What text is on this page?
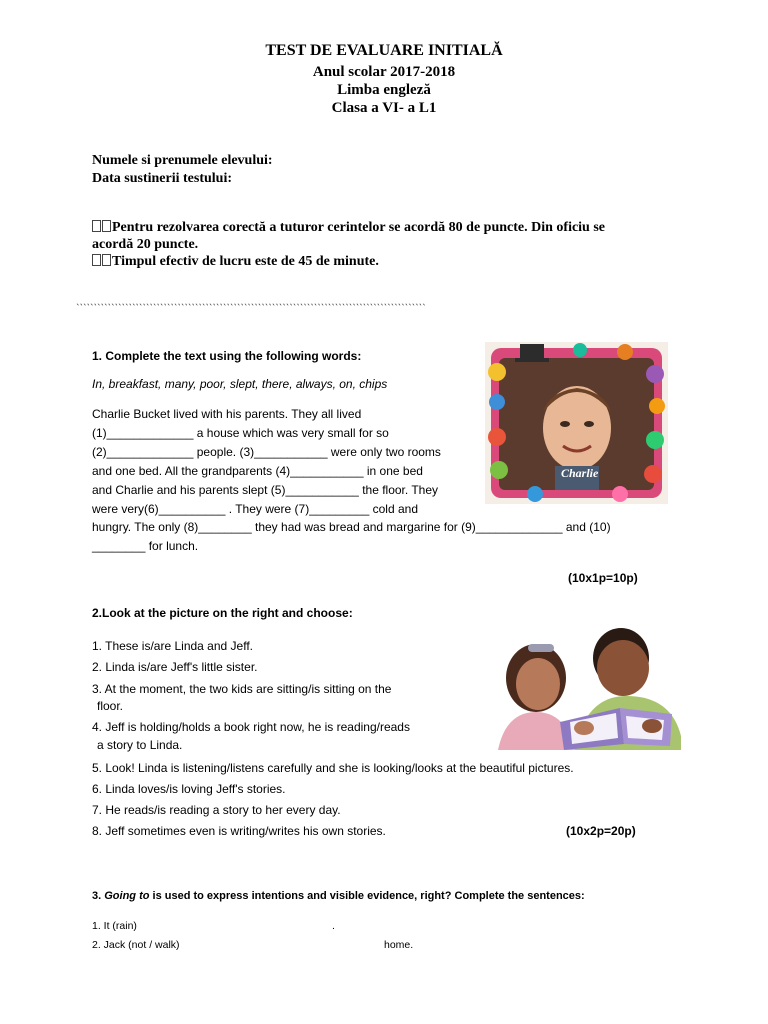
TEST DE EVALUARE INITIALĂ
Anul scolar 2017-2018
Limba engleză
Clasa a VI- a L1
Numele si prenumele elevului:
Data sustinerii testului:
Pentru rezolvarea corectă a tuturor cerintelor se acordă 80 de puncte. Din oficiu se
acordă 20 puncte.
Timpul efectiv de lucru este de 45 de minute.
ˎˎˎˎˎˎˎˎˎˎˎˎˎˎˎˎˎˎˎˎˎˎˎˎˎˎˎˎˎˎˎˎˎˎˎˎˎˎˎˎˎˎˎˎˎˎˎˎˎˎˎˎˎˎˎˎˎˎˎˎˎˎˎˎˎˎˎˎˎˎˎˎˎˎˎˎˎˎˎˎˎˎˎˎˎˎˎˎˎˎˎˎˎˎˎˎˎˎˎˎ
1. Complete the text using the following words:
In, breakfast, many, poor, slept, there, always, on, chips
Charlie Bucket lived with his parents. They all lived
(1)_____________ a house which was very small for so
(2)_____________ people. (3)___________ were only two rooms
and one bed. All the grandparents (4)___________ in one bed
and Charlie and his parents slept (5)___________ the floor. They
were very(6)__________ . They were (7)_________ cold and
hungry. The only (8)________ they had was bread and margarine for (9)_____________ and (10)
________ for lunch.
(10x1p=10p)
Charlie
2.Look at the picture on the right and choose:
1. These is/are Linda and Jeff.
2. Linda is/are Jeff's little sister.
3. At the moment, the two kids are sitting/is sitting on the
floor.
4. Jeff is holding/holds a book right now, he is reading/reads
a story to Linda.
5. Look! Linda is listening/listens carefully and she is looking/looks at the beautiful pictures.
6. Linda loves/is loving Jeff's stories.
7. He reads/is reading a story to her every day.
8. Jeff sometimes even is writing/writes his own stories.	(10x2p=20p)
3. Going to is used to express intentions and visible evidence, right? Complete the sentences:
1. It (rain)	.
2. Jack (not / walk)	home.
